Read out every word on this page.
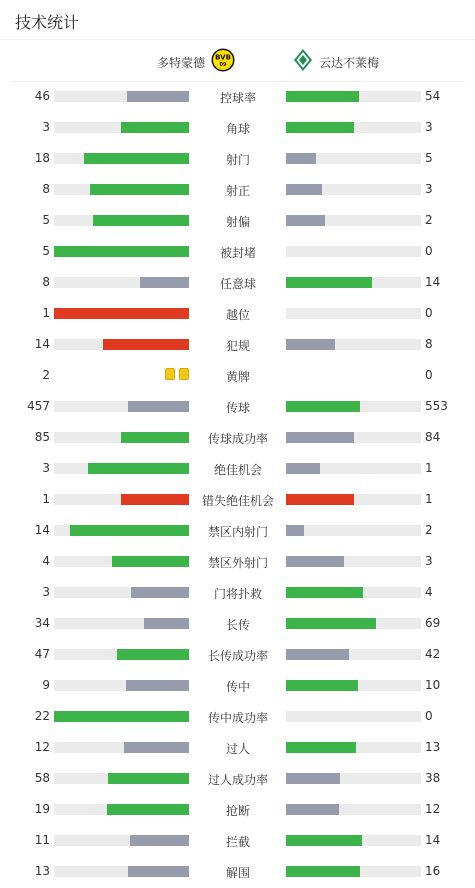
技术统计
多特蒙德 BVB
09	云达不莱梅
46	控球率	54
3	角球	3
18	射门	5
8	射正	3
5	射偏	2
5	被封堵	0
8	任意球	14
1	越位	0
14	犯规	8
2	黄牌	0
457	传球	553
85	传球成功率	84
3	绝佳机会	1
1	错失绝佳机会	1
14	禁区内射门	2
4	禁区外射门	3
3	门将扑救	4
34	长传	69
47	长传成功率	42
9	传中	10
22	传中成功率	0
12	过人	13
58	过人成功率	38
19	抢断	12
11	拦截	14
13	解围	16
